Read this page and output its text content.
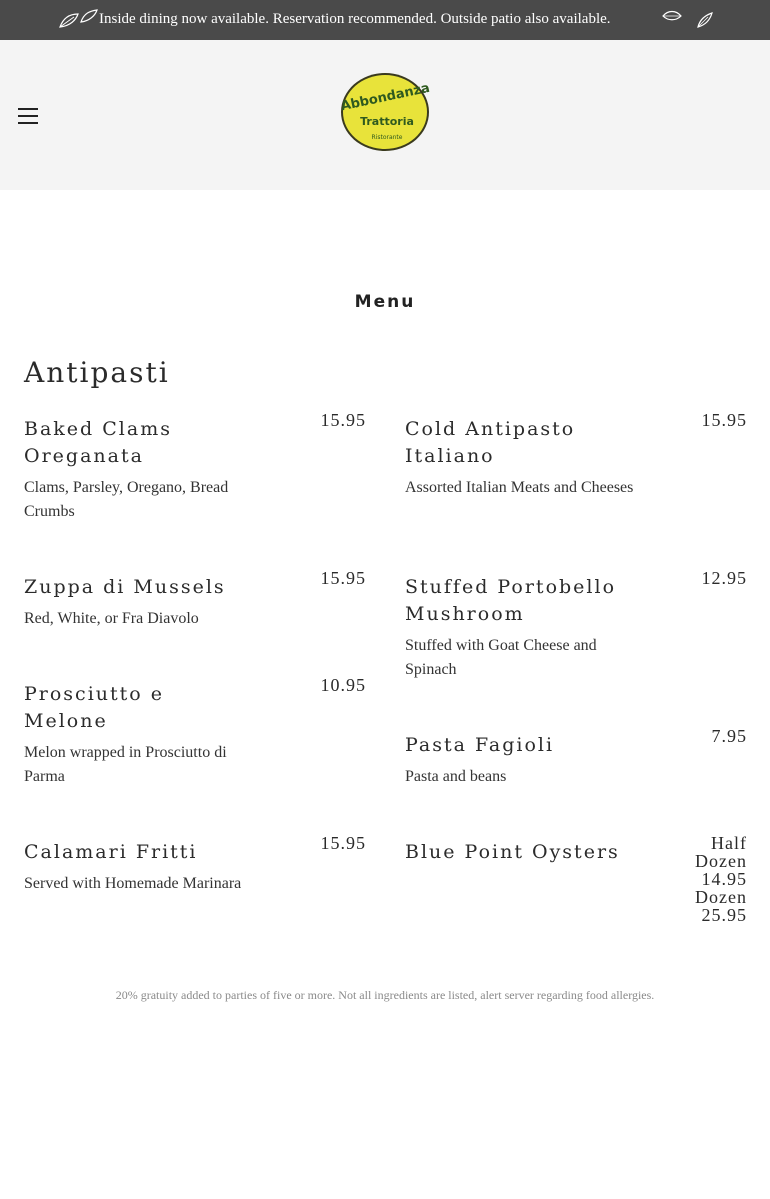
Inside dining now available. Reservation recommended. Outside patio also available.
Abbondanza
Trattoria
Ristorante
Menu
Antipasti
Baked Clams Oreganata
Clams, Parsley, Oregano, Bread Crumbs
15.95
Zuppa di Mussels
Red, White, or Fra Diavolo
15.95
Prosciutto e Melone
Melon wrapped in Prosciutto di Parma
10.95
Calamari Fritti
Served with Homemade Marinara
15.95
Cold Antipasto Italiano
Assorted Italian Meats and Cheeses
15.95
Stuffed Portobello Mushroom
Stuffed with Goat Cheese and Spinach
12.95
Pasta Fagioli
Pasta and beans
7.95
Blue Point Oysters	Half
Dozen
14.95
Dozen
25.95
20% gratuity added to parties of five or more. Not all ingredients are listed, alert server regarding food allergies.
